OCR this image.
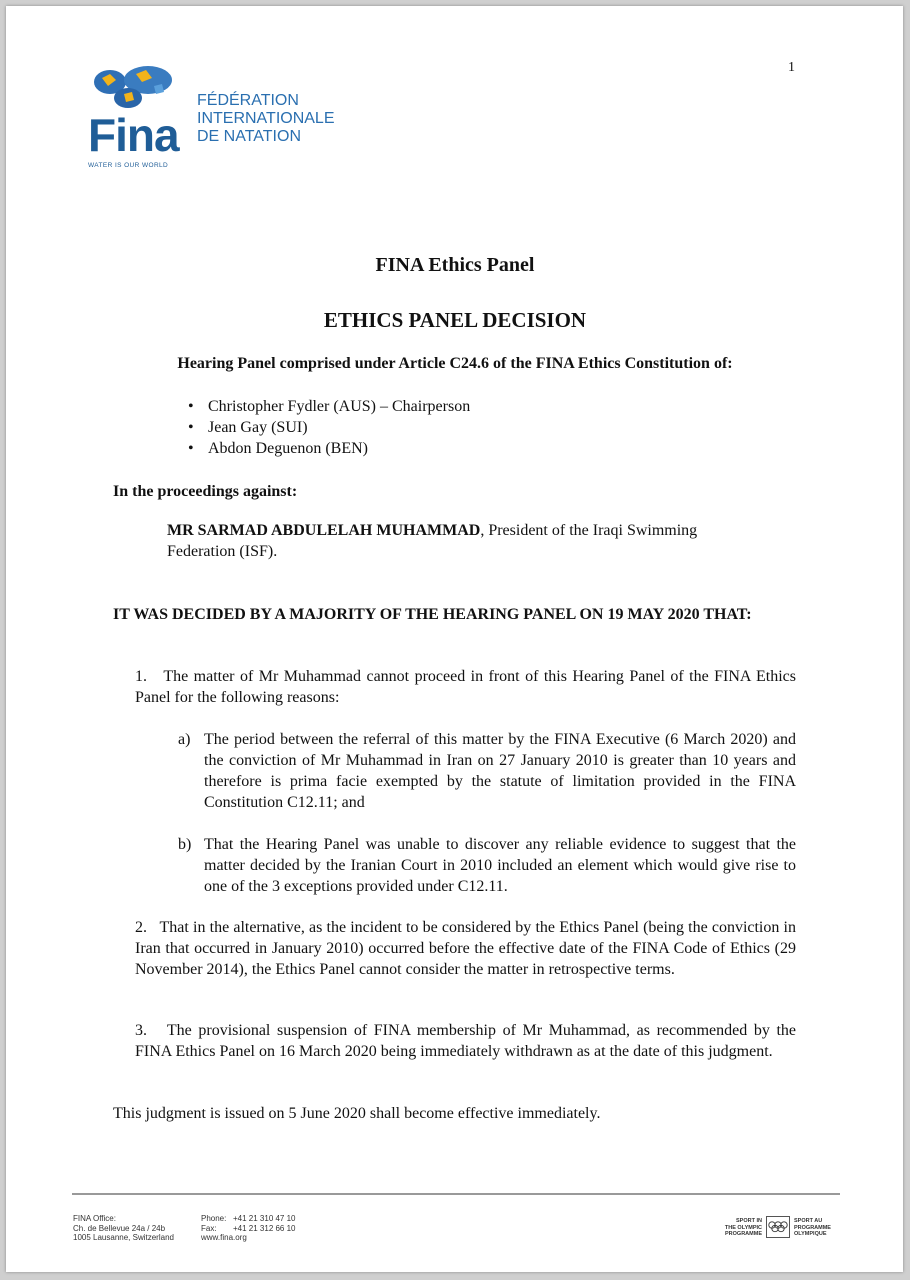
1
Fina
WATER IS OUR WORLD
FÉDÉRATION
INTERNATIONALE
DE NATATION
FINA Ethics Panel
ETHICS PANEL DECISION
Hearing Panel comprised under Article C24.6 of the FINA Ethics Constitution of:
• Christopher Fydler (AUS) – Chairperson
• Jean Gay (SUI)
• Abdon Deguenon (BEN)
In the proceedings against:
MR SARMAD ABDULELAH MUHAMMAD, President of the Iraqi Swimming Federation (ISF).
IT WAS DECIDED BY A MAJORITY OF THE HEARING PANEL ON 19 MAY 2020 THAT:
1. The matter of Mr Muhammad cannot proceed in front of this Hearing Panel of the FINA Ethics Panel for the following reasons:
a) The period between the referral of this matter by the FINA Executive (6 March 2020) and the conviction of Mr Muhammad in Iran on 27 January 2010 is greater than 10 years and therefore is prima facie exempted by the statute of limitation provided in the FINA Constitution C12.11; and
b) That the Hearing Panel was unable to discover any reliable evidence to suggest that the matter decided by the Iranian Court in 2010 included an element which would give rise to one of the 3 exceptions provided under C12.11.
2. That in the alternative, as the incident to be considered by the Ethics Panel (being the conviction in Iran that occurred in January 2010) occurred before the effective date of the FINA Code of Ethics (29 November 2014), the Ethics Panel cannot consider the matter in retrospective terms.
3. The provisional suspension of FINA membership of Mr Muhammad, as recommended by the FINA Ethics Panel on 16 March 2020 being immediately withdrawn as at the date of this judgment.
This judgment is issued on 5 June 2020 shall become effective immediately.
FINA Office:
Ch. de Bellevue 24a / 24b
1005 Lausanne, Switzerland
Phone:
Fax:
www.fina.org
+41 21 310 47 10
+41 21 312 66 10
SPORT IN
THE OLYMPIC
PROGRAMME
SPORT AU
PROGRAMME
OLYMPIQUE
